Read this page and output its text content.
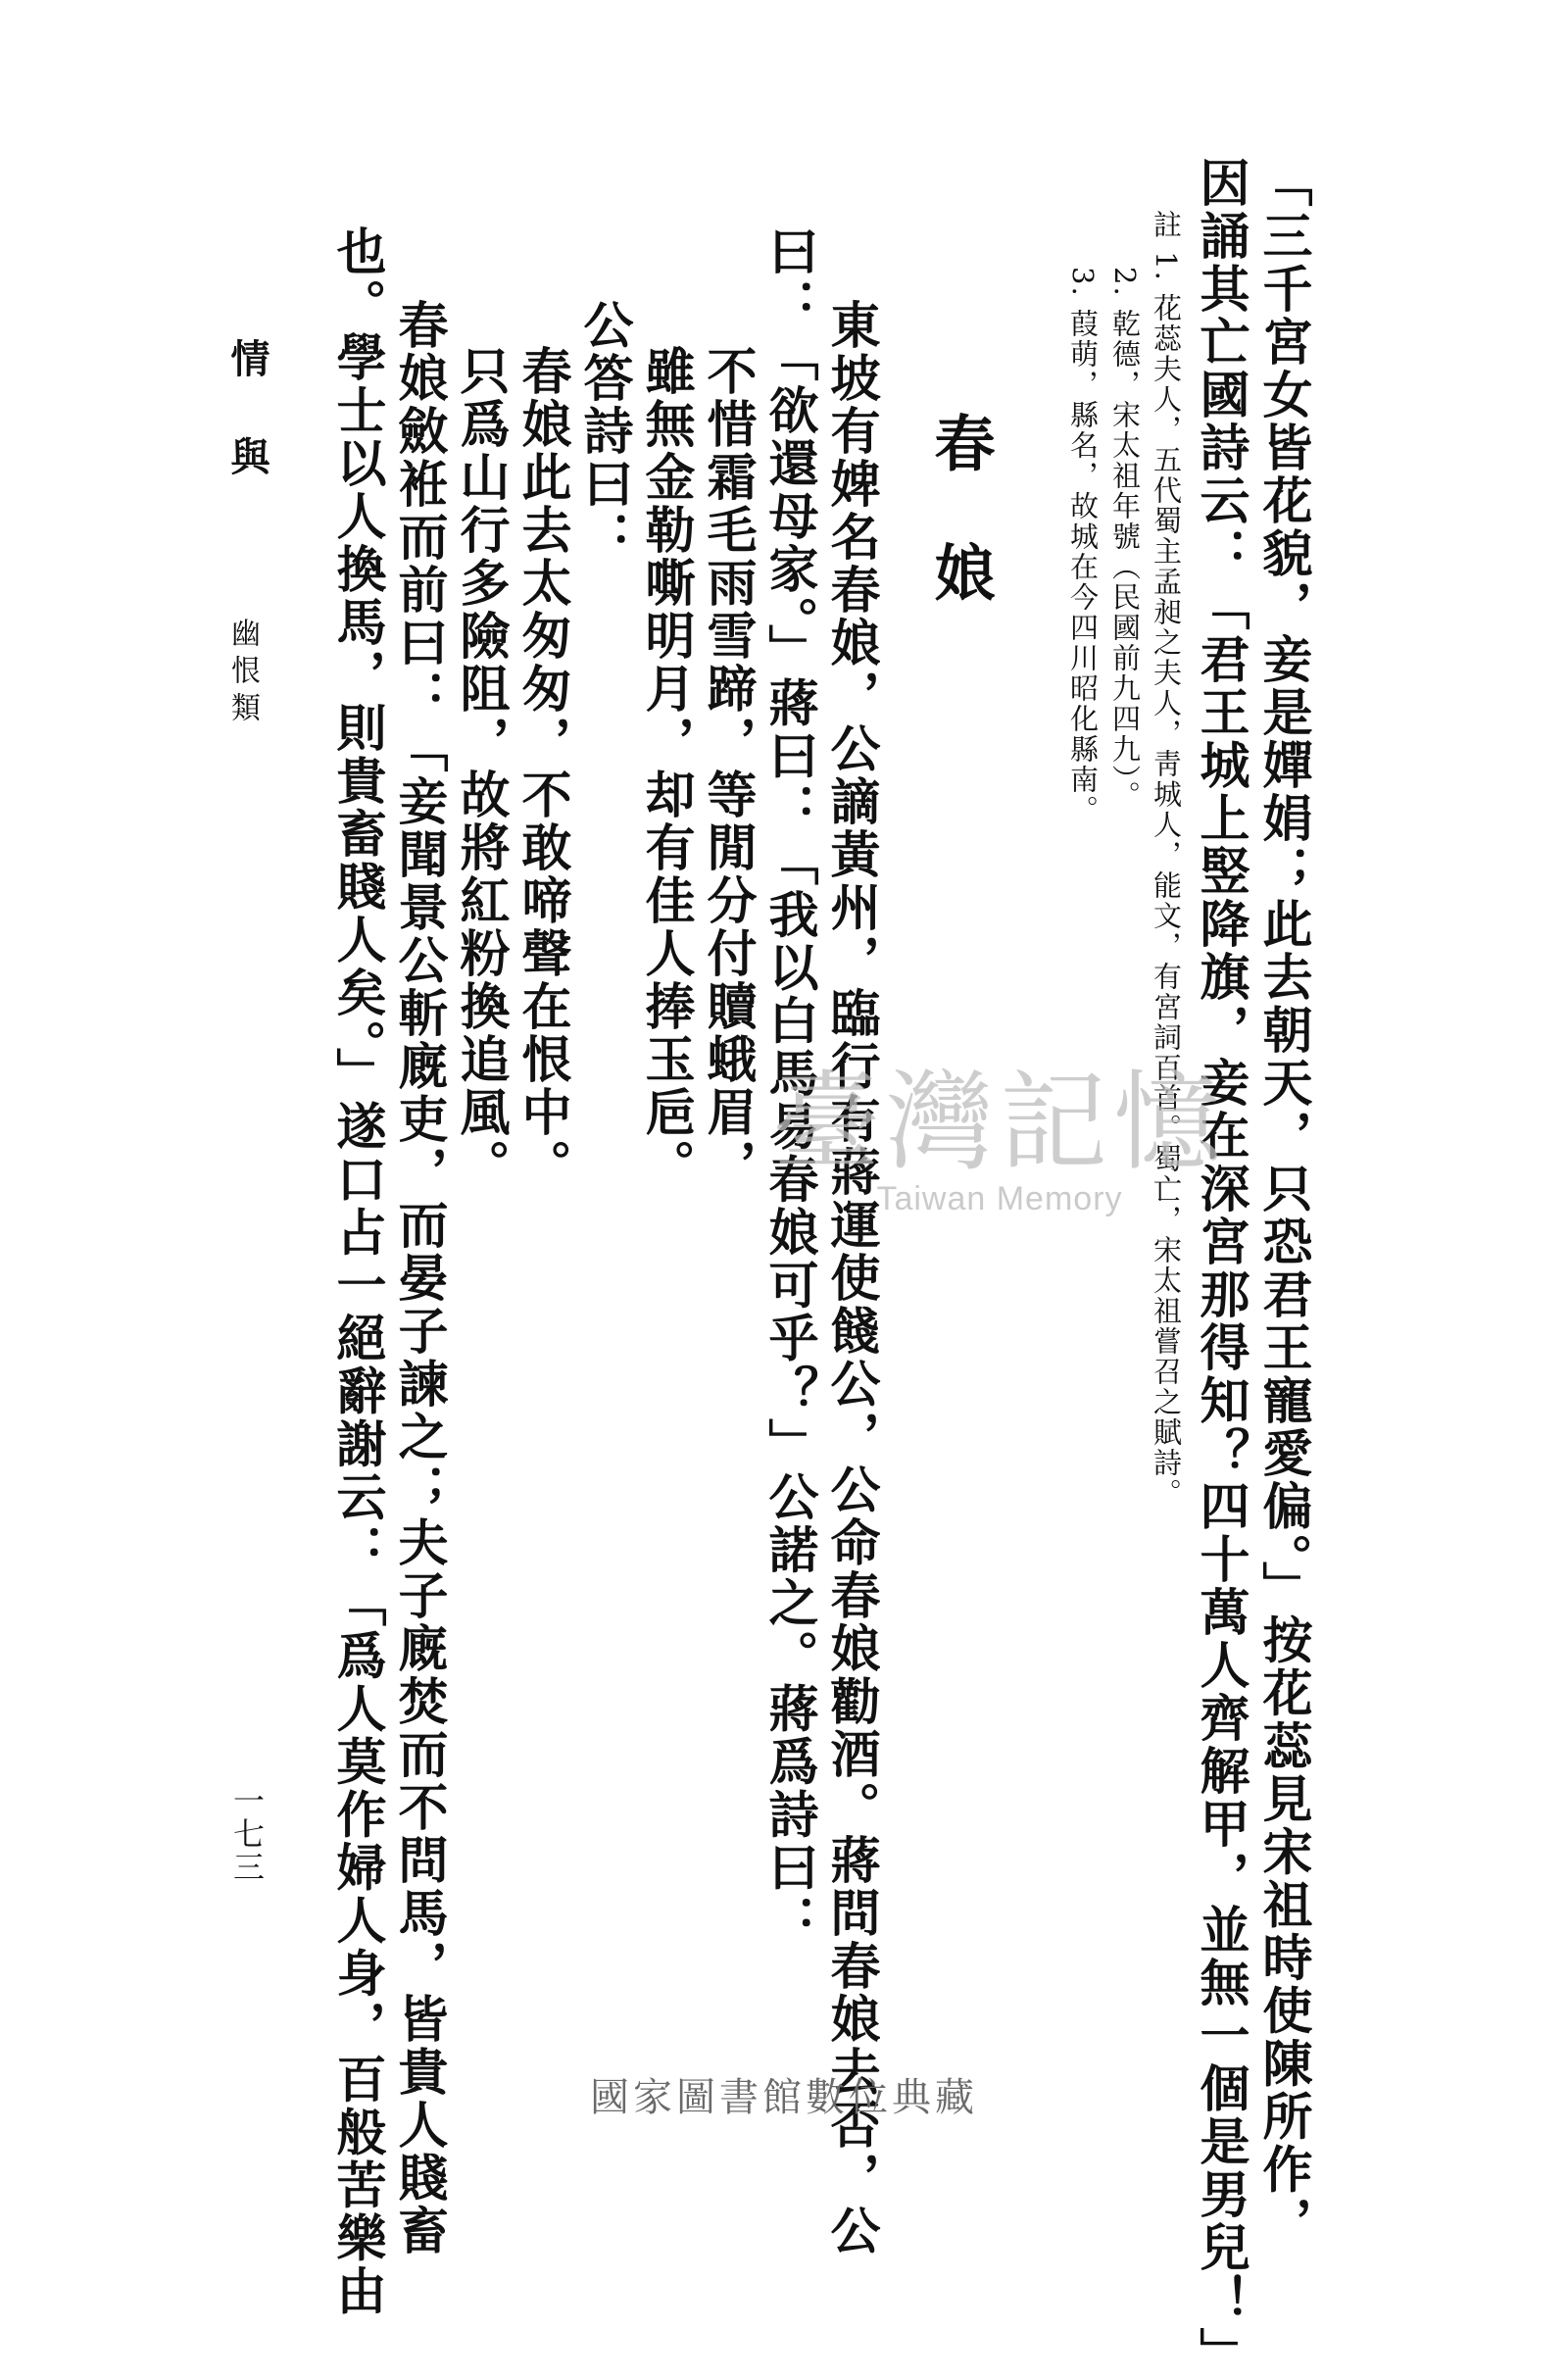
「三千宮女皆花貌，妾是嬋娟；此去朝天，只恐君王寵愛偏。」按花蕊見宋祖時使陳所作，
因誦其亡國詩云：「君王城上竪降旗，妾在深宮那得知？四十萬人齊解甲，並無一個是男兒！」
註 1. 花蕊夫人，五代蜀主孟昶之夫人，靑城人，能文，有宮詞百首。蜀亡，宋太祖嘗召之賦詩。
2. 乾德，宋太祖年號（民國前九四九）。
3. 葭萌，縣名，故城在今四川昭化縣南。
春娘
東坡有婢名春娘，公謫黃州，臨行有蔣運使餞公，公命春娘勸酒。蔣問春娘去否，公
曰：「欲還母家。」蔣曰：「我以白馬易春娘可乎？」公諾之。蔣爲詩曰：
不惜霜毛雨雪蹄，等閒分付贖蛾眉，
雖無金勒嘶明月，却有佳人捧玉巵。
公答詩曰：
春娘此去太匆匆，不敢啼聲在恨中。
只爲山行多險阻，故將紅粉換追風。
春娘斂袵而前曰：「妾聞景公斬廐吏，而晏子諫之；夫子廐焚而不問馬，皆貴人賤畜
也。學士以人換馬，則貴畜賤人矣。」遂口占一絕辭謝云：「爲人莫作婦人身，百般苦樂由
情與
幽恨類
一七三
臺灣記憶
Taiwan Memory
國家圖書館數位典藏
